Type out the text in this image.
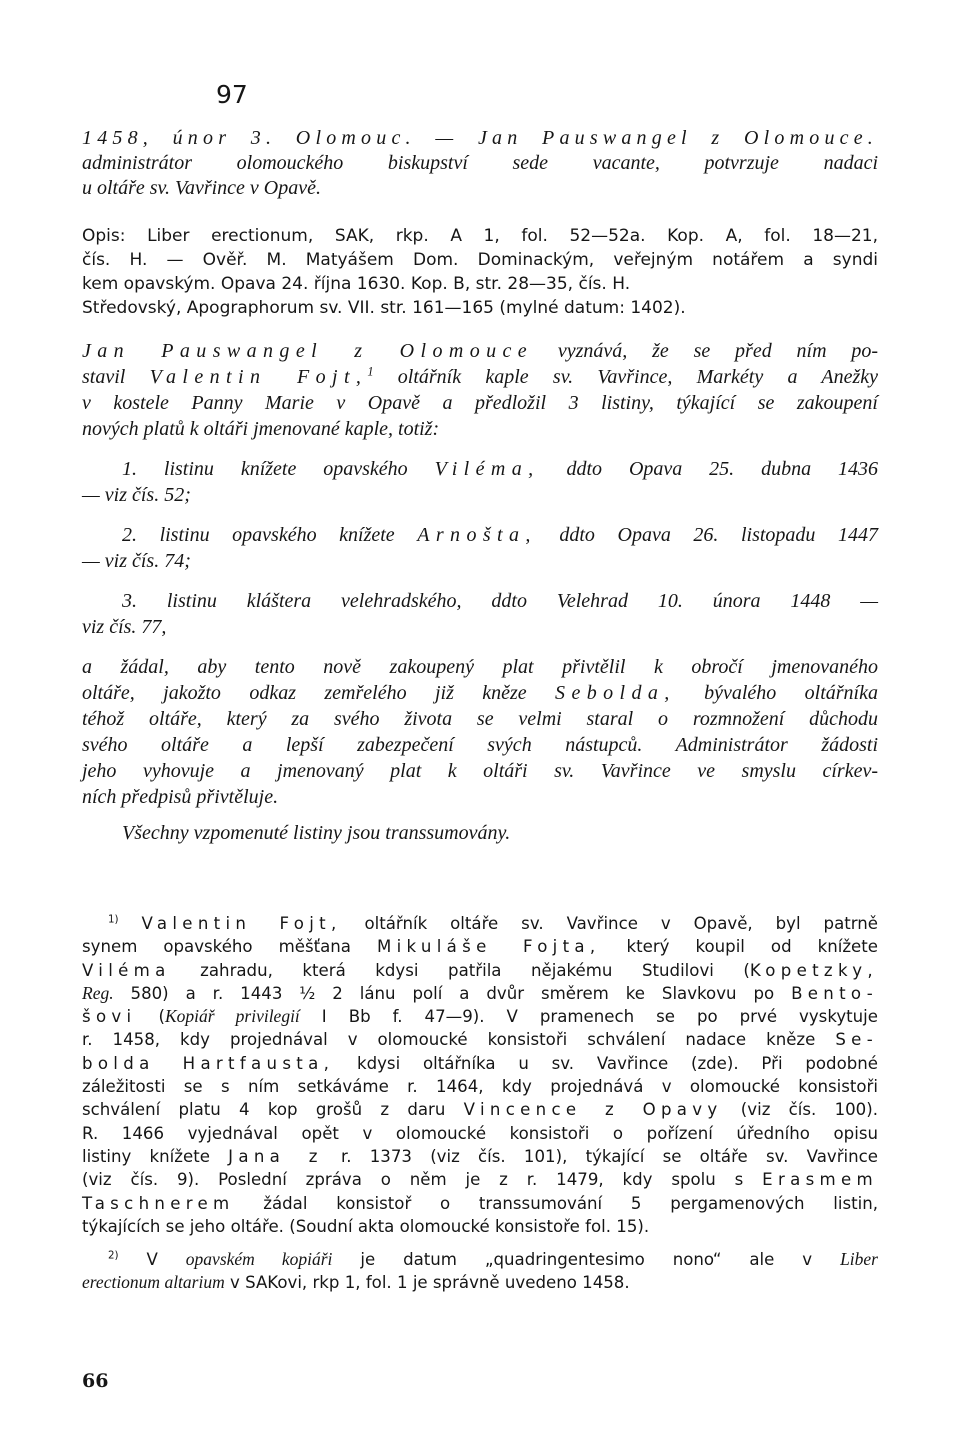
97
1458, únor 3. Olomouc. — Jan Pauswangel z Olomouce.
administrátor olomouckého biskupství sede vacante, potvrzuje nadaci
u oltáře sv. Vavřince v Opavě.
Opis: Liber erectionum, SAK, rkp. A 1, fol. 52—52a. Kop. A, fol. 18—21,
čís. H. — Ověř. M. Matyášem Dom. Dominackým, veřejným notářem a syndi
kem opavským. Opava 24. října 1630. Kop. B, str. 28—35, čís. H.
Středovský, Apographorum sv. VII. str. 161—165 (mylné datum: 1402).
Jan Pauswangel z Olomouce vyznává, že se před ním po-
stavil Valentin Fojt,$^1$ oltářník kaple sv. Vavřince, Markéty a Anežky
v kostele Panny Marie v Opavě a předložil 3 listiny, týkající se zakoupení
nových platů k oltáři jmenované kaple, totiž:
1. listinu knížete opavského Viléma, ddto Opava 25. dubna 1436
— viz čís. 52;
2. listinu opavského knížete Arnošta, ddto Opava 26. listopadu 1447
— viz čís. 74;
3. listinu kláštera velehradského, ddto Velehrad 10. února 1448 —
viz čís. 77,
a žádal, aby tento nově zakoupený plat přivtělil k obročí jmenovaného
oltáře, jakožto odkaz zemřelého již kněze Sebolda, bývalého oltářníka
téhož oltáře, který za svého života se velmi staral o rozmnožení důchodu
svého oltáře a lepší zabezpečení svých nástupců. Administrátor žádosti
jeho vyhovuje a jmenovaný plat k oltáři sv. Vavřince ve smyslu církev-
ních předpisů přivtěluje.
Všechny vzpomenuté listiny jsou transsumovány.
$^{1)}$ Valentin Fojt, oltářník oltáře sv. Vavřince v Opavě, byl patrně
synem opavského měšťana Mikuláše Fojta, který koupil od knížete
Viléma zahradu, která kdysi patřila nějakému Studilovi (Kopetzky,
Reg. 580) a r. 1443 ½ 2 lánu polí a dvůr směrem ke Slavkovu po Bento-
šovi (Kopiář privilegií I Bb f. 47—9). V pramenech se po prvé vyskytuje
r. 1458, kdy projednával v olomoucké konsistoři schválení nadace kněze Se-
bolda Hartfausta, kdysi oltářníka u sv. Vavřince (zde). Při podobné
záležitosti se s ním setkáváme r. 1464, kdy projednává v olomoucké konsistoři
schválení platu 4 kop grošů z daru Vincence z Opavy (viz čís. 100).
R. 1466 vyjednával opět v olomoucké konsistoři o pořízení úředního opisu
listiny knížete Jana z r. 1373 (viz čís. 101), týkající se oltáře sv. Vavřince
(viz čís. 9). Poslední zpráva o něm je z r. 1479, kdy spolu s Erasmem
Taschnerem žádal konsistoř o transsumování 5 pergamenových listin,
týkajících se jeho oltáře. (Soudní akta olomoucké konsistoře fol. 15).
$^{2)}$ V opavském kopiáři je datum „quadringentesimo nono“ ale v Liber
erectionum altarium v SAKovi, rkp 1, fol. 1 je správně uvedeno 1458.
66
